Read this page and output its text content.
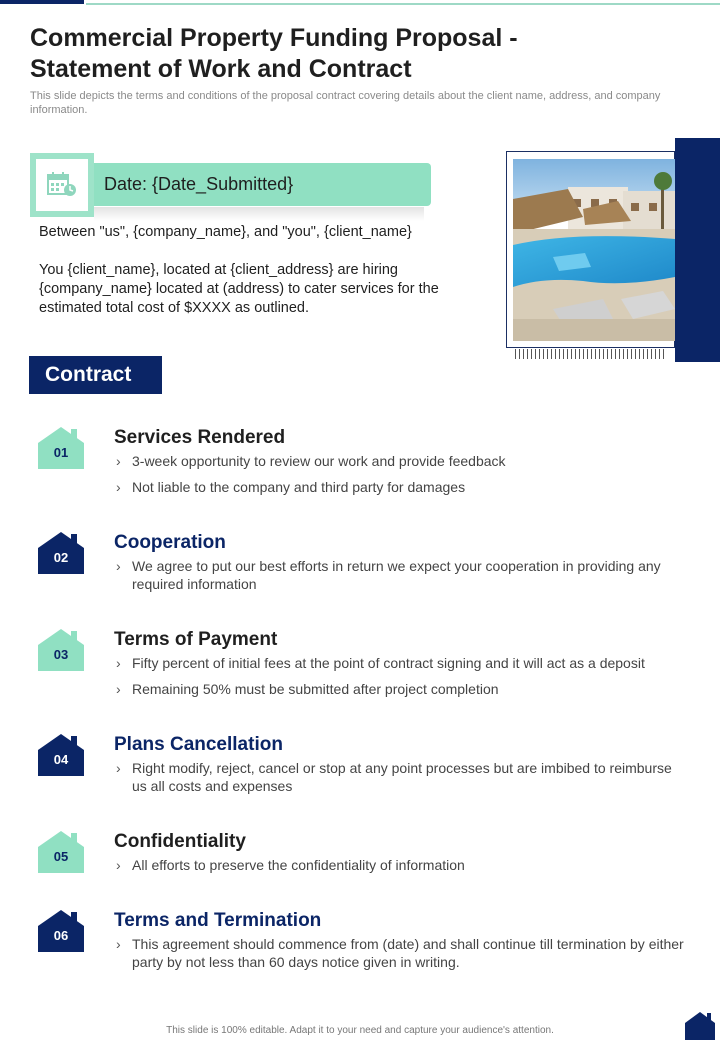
Commercial Property Funding Proposal - Statement of Work and Contract

This slide depicts the terms and conditions of the proposal contract covering details about the client name, address, and company information.

Date: {Date_Submitted}

Between "us", {company_name}, and "you", {client_name}

You {client_name}, located at {client_address} are hiring {company_name} located at (address) to cater services for the estimated total cost of $XXXX as outlined.

Contract
01
Services Rendered
› 3-week opportunity to review our work and provide feedback
› Not liable to the company and third party for damages
02
Cooperation
› We agree to put our best efforts in return we expect your cooperation in providing any required information
03
Terms of Payment
› Fifty percent of initial fees at the point of contract signing and it will act as a deposit
› Remaining 50% must be submitted after project completion
04
Plans Cancellation
› Right modify, reject, cancel or stop at any point processes but are imbibed to reimburse us all costs and expenses
05
Confidentiality
› All efforts to preserve the confidentiality of information
06
Terms and Termination
› This agreement should commence from (date) and shall continue till termination by either party by not less than 60 days notice given in writing.

This slide is 100% editable. Adapt it to your need and capture your audience's attention.
